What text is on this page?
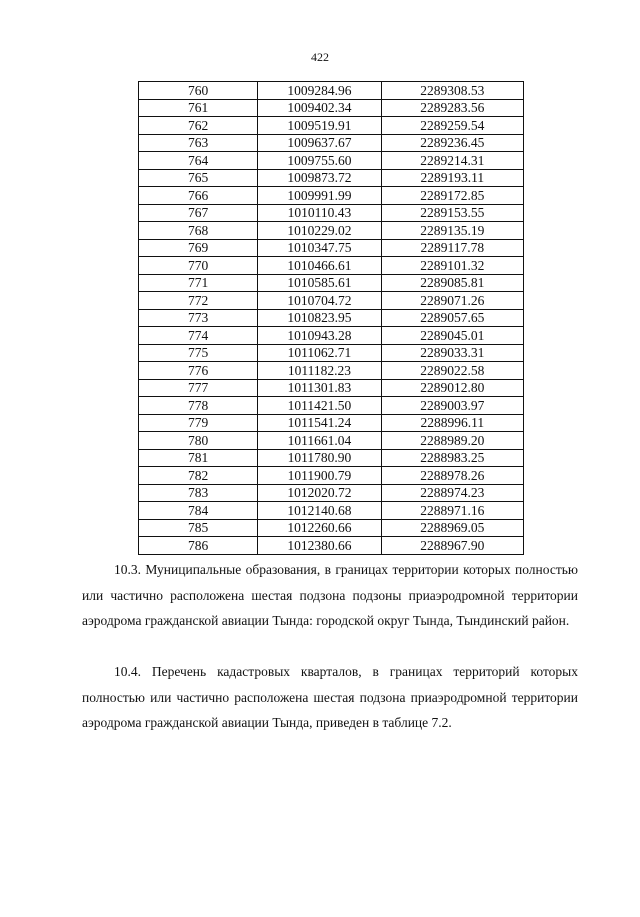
422
760	1009284.96	2289308.53
761	1009402.34	2289283.56
762	1009519.91	2289259.54
763	1009637.67	2289236.45
764	1009755.60	2289214.31
765	1009873.72	2289193.11
766	1009991.99	2289172.85
767	1010110.43	2289153.55
768	1010229.02	2289135.19
769	1010347.75	2289117.78
770	1010466.61	2289101.32
771	1010585.61	2289085.81
772	1010704.72	2289071.26
773	1010823.95	2289057.65
774	1010943.28	2289045.01
775	1011062.71	2289033.31
776	1011182.23	2289022.58
777	1011301.83	2289012.80
778	1011421.50	2289003.97
779	1011541.24	2288996.11
780	1011661.04	2288989.20
781	1011780.90	2288983.25
782	1011900.79	2288978.26
783	1012020.72	2288974.23
784	1012140.68	2288971.16
785	1012260.66	2288969.05
786	1012380.66	2288967.90

10.3. Муниципальные образования, в границах территории которых полностью или частично расположена шестая подзона подзоны приаэродромной территории аэродрома гражданской авиации Тында: городской округ Тында, Тындинский район.

10.4. Перечень кадастровых кварталов, в границах территорий которых полностью или частично расположена шестая подзона приаэродромной территории аэродрома гражданской авиации Тында, приведен в таблице 7.2.
